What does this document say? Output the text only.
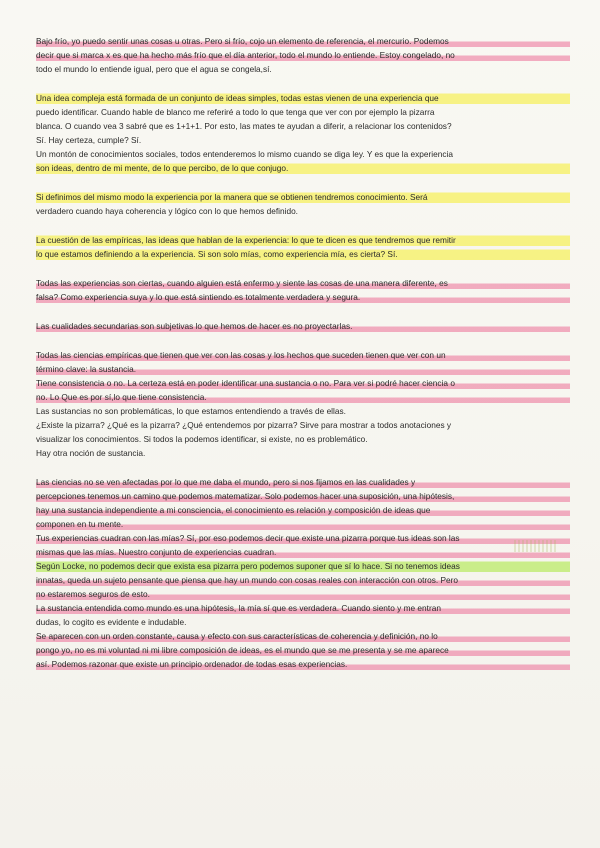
Bajo frío, yo puedo sentir unas cosas u otras. Pero si frío, cojo un elemento de referencia, el mercurio. Podemos
decir que si marca x es que ha hecho más frío que el día anterior, todo el mundo lo entiende. Estoy congelado, no
todo el mundo lo entiende igual, pero que el agua se congela,sí.

Una idea compleja está formada de un conjunto de ideas simples, todas estas vienen de una experiencia que
puedo identificar. Cuando hable de blanco me referiré a todo lo que tenga que ver con por ejemplo la pizarra
blanca. O cuando vea 3 sabré que es 1+1+1. Por esto, las mates te ayudan a diferir, a relacionar los contenidos?
Sí. Hay certeza, cumple? Sí.
Un montón de conocimientos sociales, todos entenderemos lo mismo cuando se diga ley. Y es que la experiencia
son ideas, dentro de mi mente, de lo que percibo, de lo que conjugo.

Si definimos del mismo modo la experiencia por la manera que se obtienen tendremos conocimiento. Será
verdadero cuando haya coherencia y lógico con lo que hemos definido.

La cuestión de las empíricas, las ideas que hablan de la experiencia: lo que te dicen es que tendremos que remitir
lo que estamos definiendo a la experiencia. Si son solo mías, como experiencia mía, es cierta? Sí.

Todas las experiencias son ciertas, cuando alguien está enfermo y siente las cosas de una manera diferente, es
falsa? Como experiencia suya y lo que está sintiendo es totalmente verdadera y segura.

Las cualidades secundarias son subjetivas lo que hemos de hacer es no proyectarlas.

Todas las ciencias empíricas que tienen que ver con las cosas y los hechos que suceden tienen que ver con un
término clave: la sustancia.
Tiene consistencia o no. La certeza está en poder identificar una sustancia o no. Para ver si podré hacer ciencia o
no. Lo Que es por sí,lo que tiene consistencia.
Las sustancias no son problemáticas, lo que estamos entendiendo a través de ellas.
¿Existe la pizarra? ¿Qué es la pizarra? ¿Qué entendemos por pizarra? Sirve para mostrar a todos anotaciones y
visualizar los conocimientos. Si todos la podemos identificar, si existe, no es problemático.
Hay otra noción de sustancia.

Las ciencias no se ven afectadas por lo que me daba el mundo, pero si nos fijamos en las cualidades y
percepciones tenemos un camino que podemos matematizar. Solo podemos hacer una suposición, una hipótesis,
hay una sustancia independiente a mi consciencia, el conocimiento es relación y composición de ideas que
componen en tu mente.
Tus experiencias cuadran con las mías? Sí, por eso podemos decir que existe una pizarra porque tus ideas son las
mismas que las mías. Nuestro conjunto de experiencias cuadran.
Según Locke, no podemos decir que exista esa pizarra pero podemos suponer que sí lo hace. Si no tenemos ideas
innatas, queda un sujeto pensante que piensa que hay un mundo con cosas reales con interacción con otros. Pero
no estaremos seguros de esto.
La sustancia entendida como mundo es una hipótesis, la mía sí que es verdadera. Cuando siento y me entran
dudas, lo cogito es evidente e indudable.
Se aparecen con un orden constante, causa y efecto con sus características de coherencia y definición, no lo
pongo yo, no es mi voluntad ni mi libre composición de ideas, es el mundo que se me presenta y se me aparece
así. Podemos razonar que existe un principio ordenador de todas esas experiencias.
